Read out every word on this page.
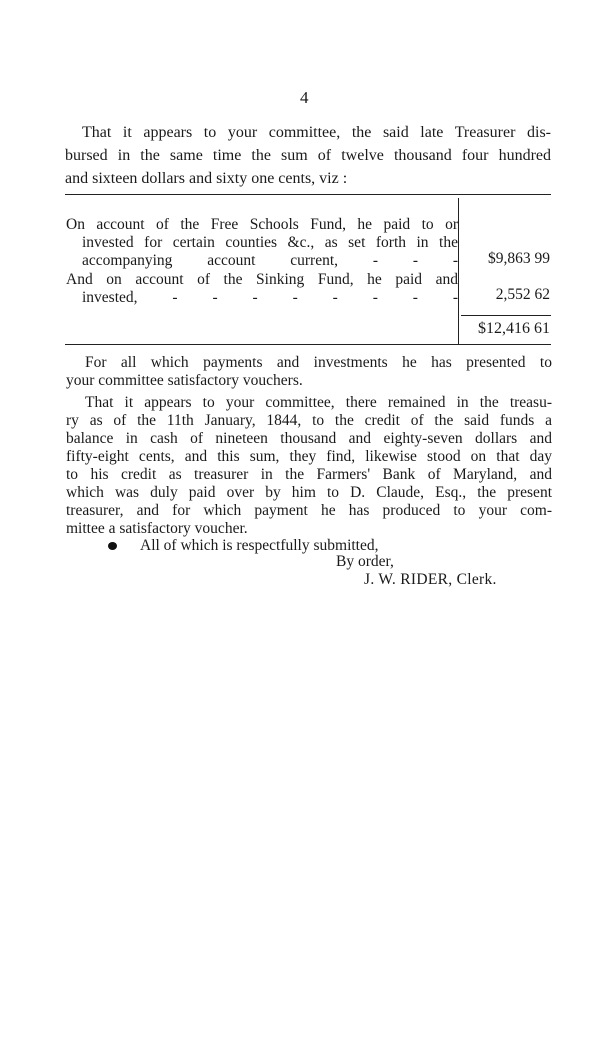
4
That it appears to your committee, the said late Treasurer dis-
bursed in the same time the sum of twelve thousand four hundred
and sixteen dollars and sixty one cents, viz :
On account of the Free Schools Fund, he paid to or
invested for certain counties &c., as set forth in the
accompanying account current, - - - $9,863 99
And on account of the Sinking Fund, he paid and
invested, - - - - - - - - 2,552 62
$12,416 61
For all which payments and investments he has presented to
your committee satisfactory vouchers.
That it appears to your committee, there remained in the treasu-
ry as of the 11th January, 1844, to the credit of the said funds a
balance in cash of nineteen thousand and eighty-seven dollars and
fifty-eight cents, and this sum, they find, likewise stood on that day
to his credit as treasurer in the Farmers' Bank of Maryland, and
which was duly paid over by him to D. Claude, Esq., the present
treasurer, and for which payment he has produced to your com-
mittee a satisfactory voucher.
All of which is respectfully submitted,
By order,
J. W. RIDER, Clerk.
